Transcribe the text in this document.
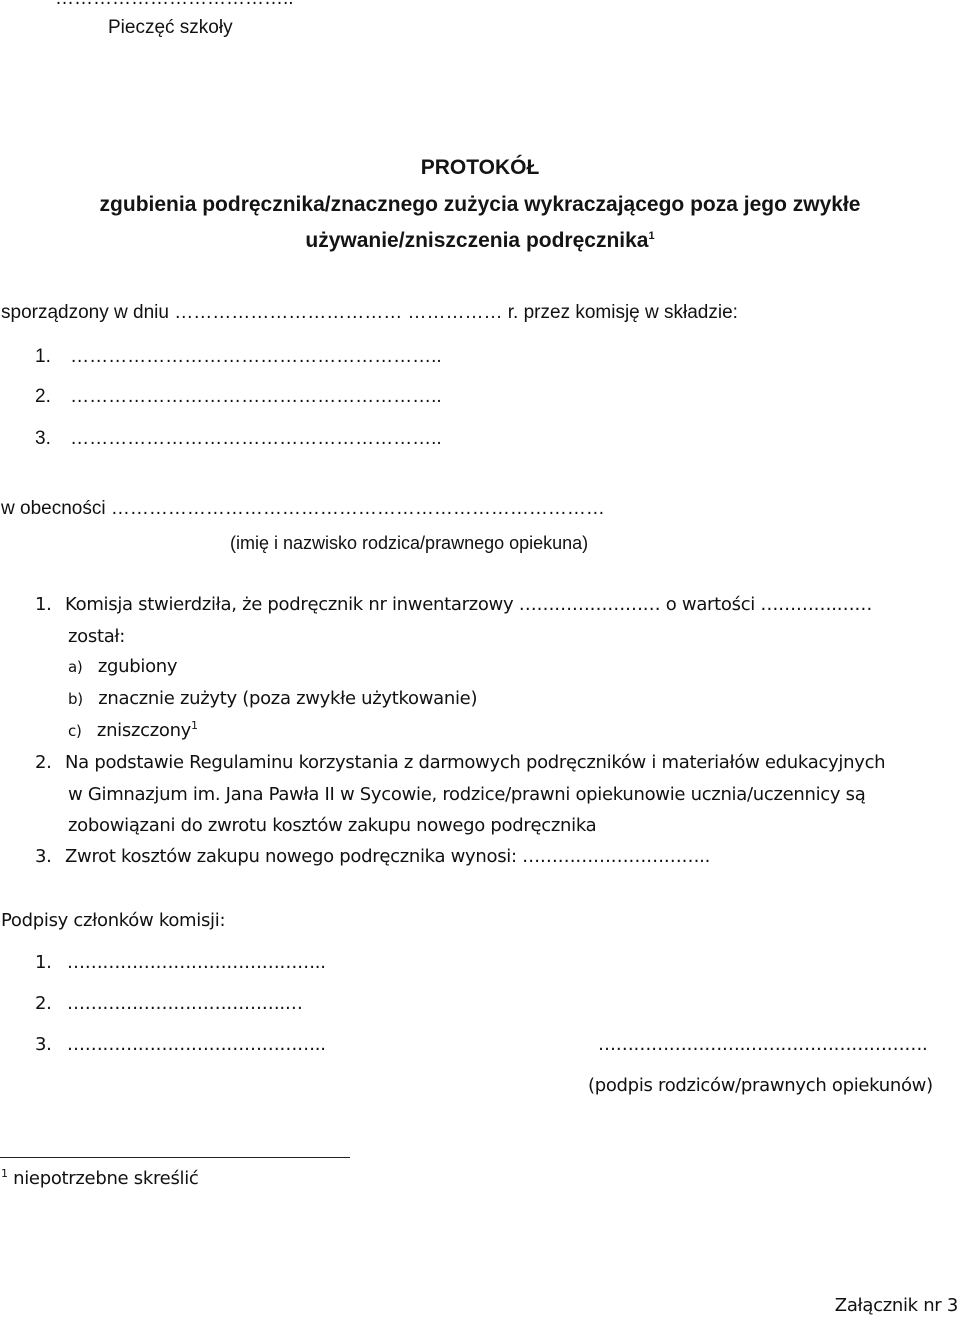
Pieczęć szkoły
PROTOKÓŁ
zgubienia podręcznika/znacznego zużycia wykraczającego poza jego zwykłe
używanie/zniszczenia podręcznika$^1$
sporządzony w dniu ……………………………… …………… r. przez komisję w składzie:
1. …………………………………………………..
2. …………………………………………………..
3. …………………………………………………..
w obecności ……………………………………………………………………
(imię i nazwisko rodzica/prawnego opiekuna)
1. Komisja stwierdziła, że podręcznik nr inwentarzowy …………………… o wartości ………….……
został:
a) zgubiony
b) znacznie zużyty (poza zwykłe użytkowanie)
c) zniszczony$^1$
2. Na podstawie Regulaminu korzystania z darmowych podręczników i materiałów edukacyjnych
w Gimnazjum im. Jana Pawła II w Sycowie, rodzice/prawni opiekunowie ucznia/uczennicy są
zobowiązani do zwrotu kosztów zakupu nowego podręcznika
3. Zwrot kosztów zakupu nowego podręcznika wynosi: …………………………..
Podpisy członków komisji:
1. ……………………………………..
2. ……………………………….…
3. ……………………………………..	…………………….………………………….
(podpis rodziców/prawnych opiekunów)
$^1$ niepotrzebne skreślić
Załącznik nr 3
